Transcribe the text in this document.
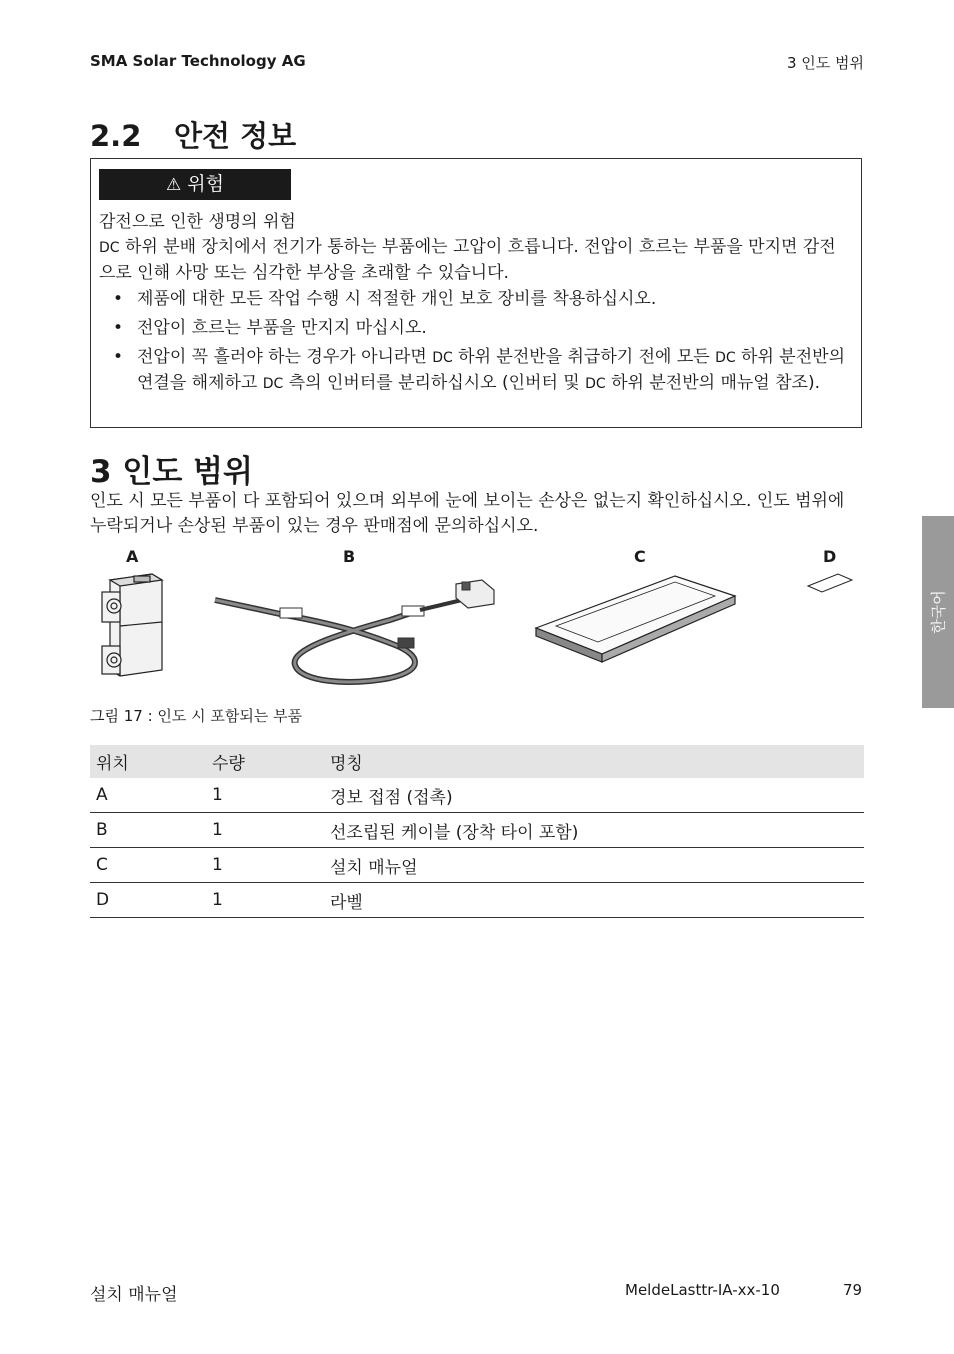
SMA Solar Technology AG	3 인도 범위
2.2 안전 정보
⚠ 위험
감전으로 인한 생명의 위험
DC 하위 분배 장치에서 전기가 통하는 부품에는 고압이 흐릅니다. 전압이 흐르는 부품을 만지면 감전으로 인해 사망 또는 심각한 부상을 초래할 수 있습니다.
• 제품에 대한 모든 작업 수행 시 적절한 개인 보호 장비를 착용하십시오.
• 전압이 흐르는 부품을 만지지 마십시오.
• 전압이 꼭 흘러야 하는 경우가 아니라면 DC 하위 분전반을 취급하기 전에 모든 DC 하위 분전반의 연결을 해제하고 DC 측의 인버터를 분리하십시오 (인버터 및 DC 하위 분전반의 매뉴얼 참조).
3 인도 범위
인도 시 모든 부품이 다 포함되어 있으며 외부에 눈에 보이는 손상은 없는지 확인하십시오. 인도 범위에 누락되거나 손상된 부품이 있는 경우 판매점에 문의하십시오.
A	B	C	D
그림 17 : 인도 시 포함되는 부품
위치	수량	명칭
A	1	경보 접점 (접촉)
B	1	선조립된 케이블 (장착 타이 포함)
C	1	설치 매뉴얼
D	1	라벨
한국어
설치 매뉴얼	MeldeLasttr-IA-xx-10	79
